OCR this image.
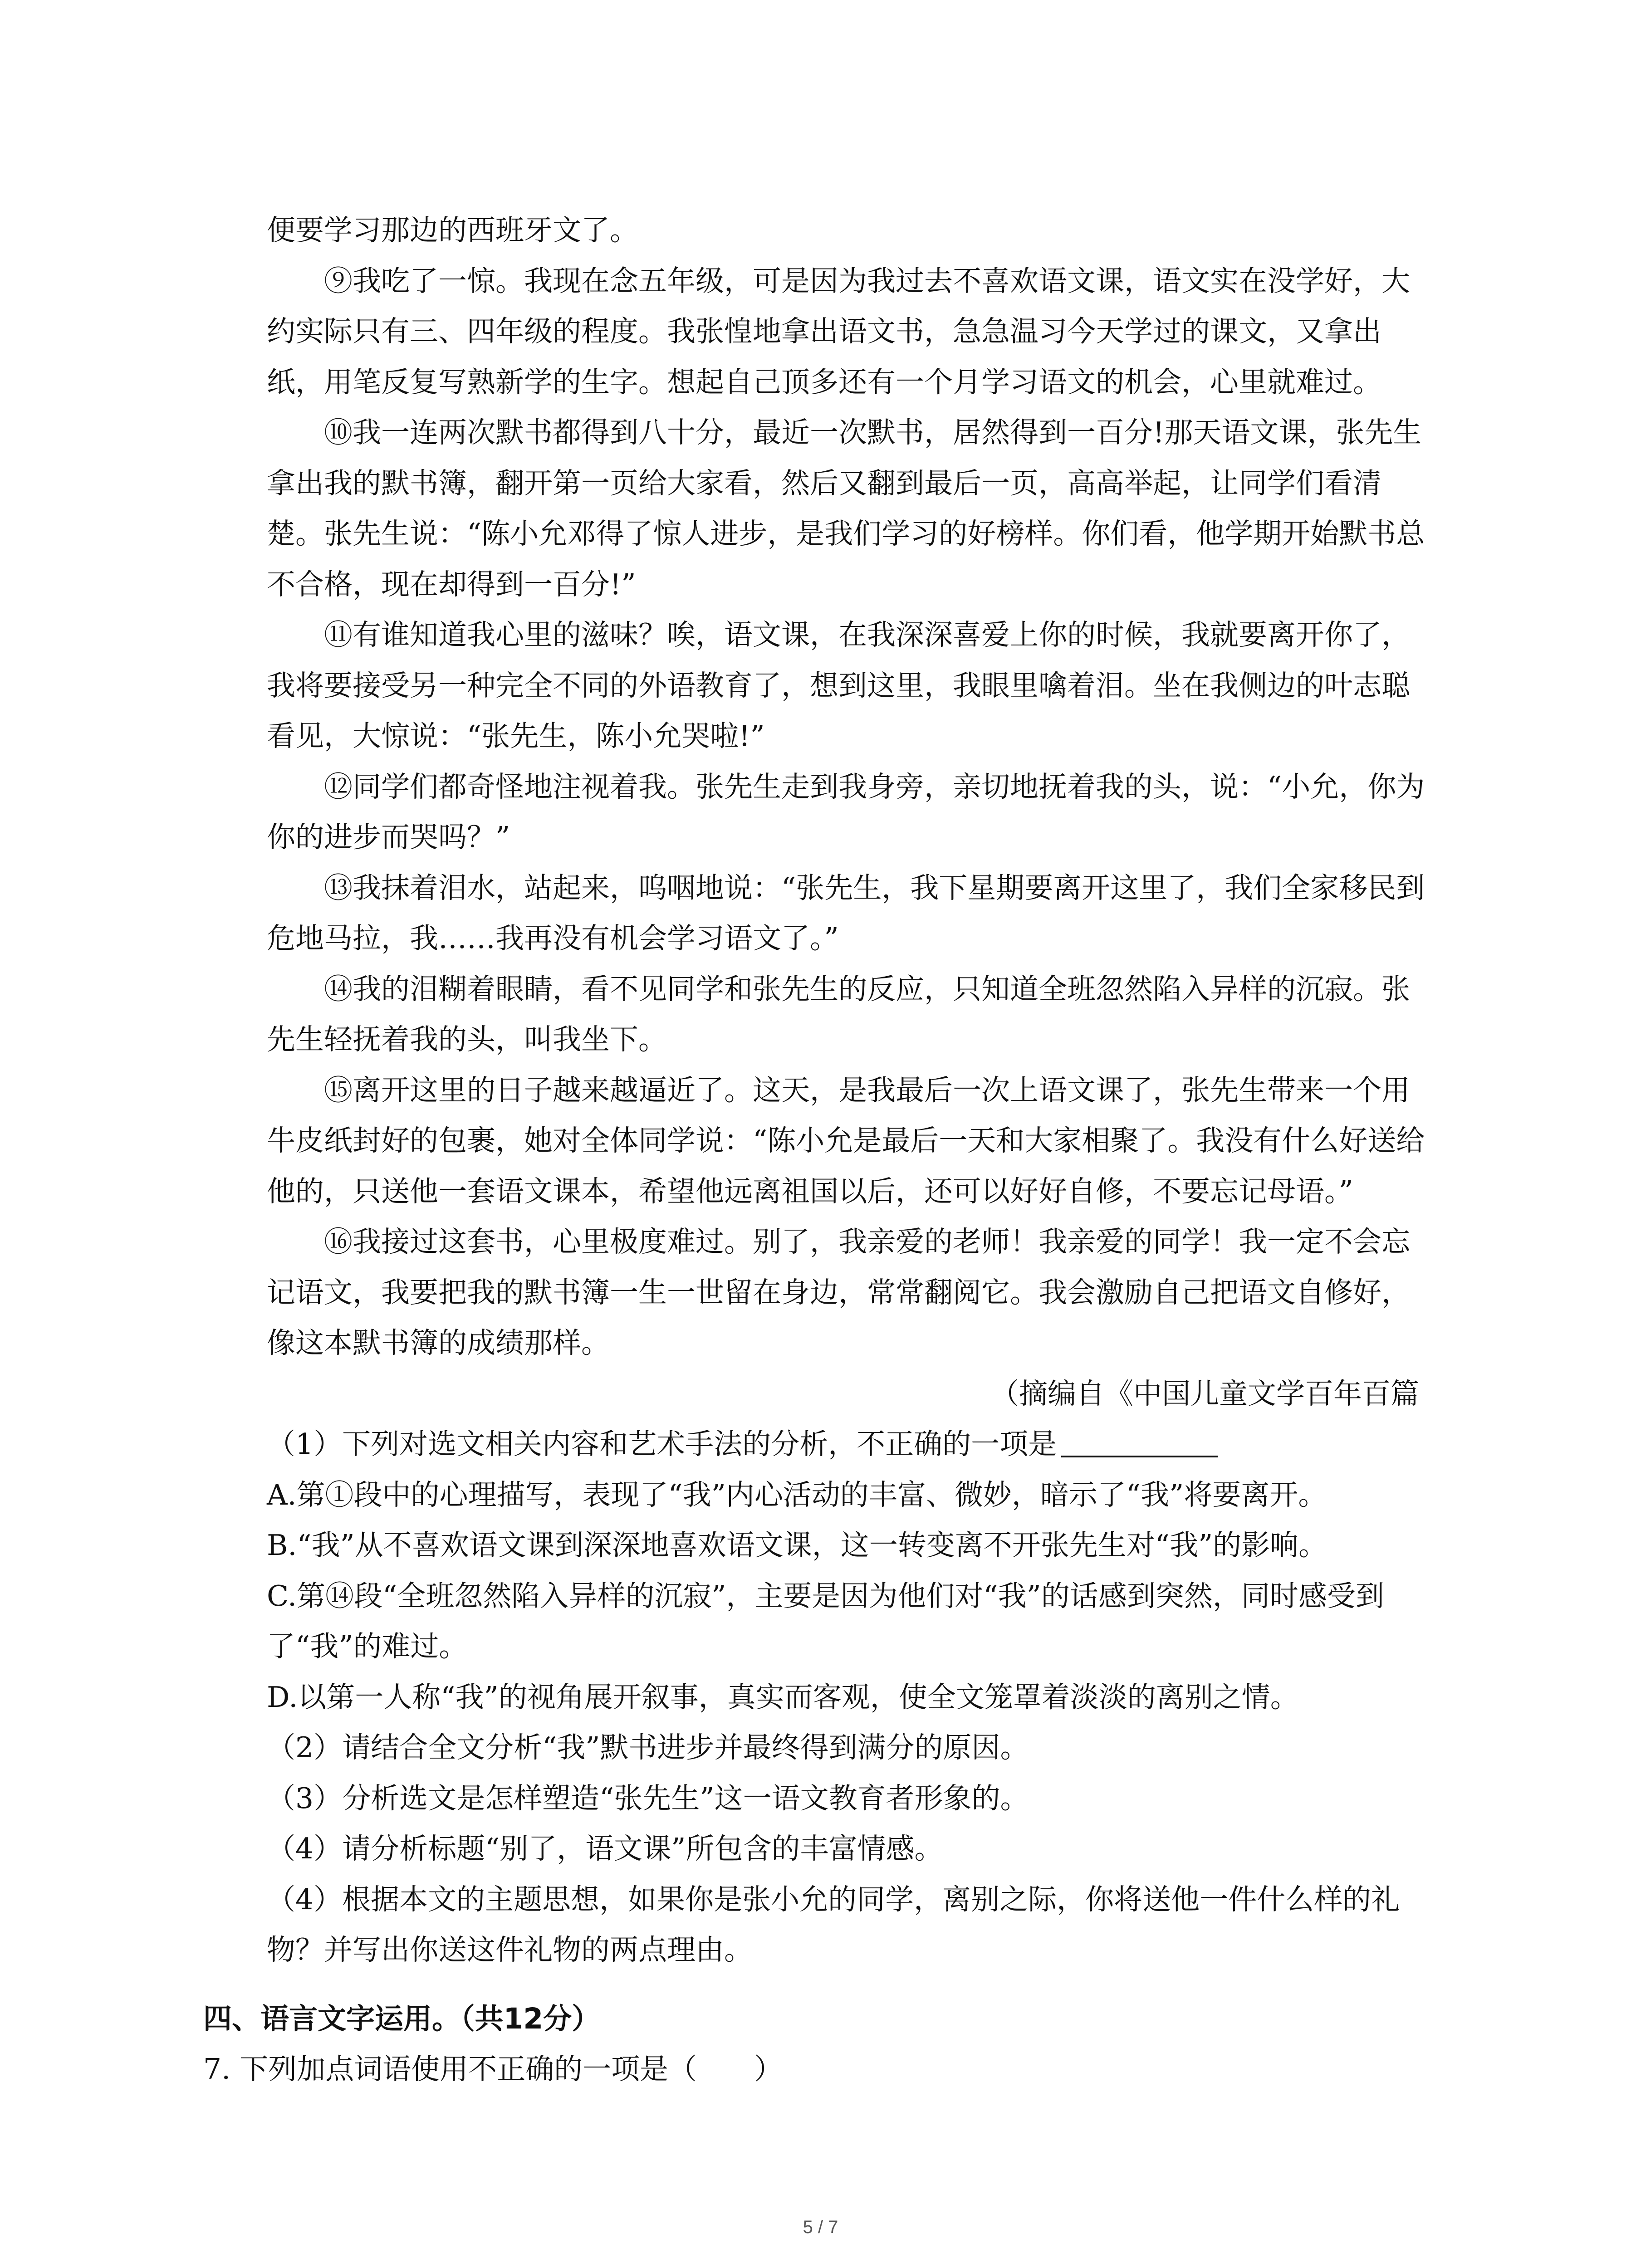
便要学习那边的西班牙文了。

⑨我吃了一惊。我现在念五年级，可是因为我过去不喜欢语文课，语文实在没学好，大约实际只有三、四年级的程度。我张惶地拿出语文书，急急温习今天学过的课文，又拿出纸，用笔反复写熟新学的生字。想起自己顶多还有一个月学习语文的机会，心里就难过。

⑩我一连两次默书都得到八十分，最近一次默书，居然得到一百分!那天语文课，张先生拿出我的默书簿，翻开第一页给大家看，然后又翻到最后一页，高高举起，让同学们看清楚。张先生说：“陈小允邓得了惊人进步，是我们学习的好榜样。你们看，他学期开始默书总不合格，现在却得到一百分!”

⑪有谁知道我心里的滋味？唉，语文课，在我深深喜爱上你的时候，我就要离开你了，我将要接受另一种完全不同的外语教育了，想到这里，我眼里噙着泪。坐在我侧边的叶志聪看见，大惊说：“张先生，陈小允哭啦!”

⑫同学们都奇怪地注视着我。张先生走到我身旁，亲切地抚着我的头，说：“小允，你为你的进步而哭吗？”

⑬我抹着泪水，站起来，呜咽地说：“张先生，我下星期要离开这里了，我们全家移民到危地马拉，我……我再没有机会学习语文了。”

⑭我的泪糊着眼睛，看不见同学和张先生的反应，只知道全班忽然陷入异样的沉寂。张先生轻抚着我的头，叫我坐下。

⑮离开这里的日子越来越逼近了。这天，是我最后一次上语文课了，张先生带来一个用牛皮纸封好的包裹，她对全体同学说：“陈小允是最后一天和大家相聚了。我没有什么好送给他的，只送他一套语文课本，希望他远离祖国以后，还可以好好自修，不要忘记母语。”

⑯我接过这套书，心里极度难过。别了，我亲爱的老师！我亲爱的同学！我一定不会忘记语文，我要把我的默书簿一生一世留在身边，常常翻阅它。我会激励自己把语文自修好，像这本默书簿的成绩那样。

（摘编自《中国儿童文学百年百篇

（1）下列对选文相关内容和艺术手法的分析，不正确的一项是

A.第①段中的心理描写，表现了“我”内心活动的丰富、微妙，暗示了“我”将要离开。

B.“我”从不喜欢语文课到深深地喜欢语文课，这一转变离不开张先生对“我”的影响。

C.第⑭段“全班忽然陷入异样的沉寂”，主要是因为他们对“我”的话感到突然，同时感受到了“我”的难过。

D.以第一人称“我”的视角展开叙事，真实而客观，使全文笼罩着淡淡的离别之情。

（2）请结合全文分析“我”默书进步并最终得到满分的原因。

（3）分析选文是怎样塑造“张先生”这一语文教育者形象的。

（4）请分析标题“别了，语文课”所包含的丰富情感。

（4）根据本文的主题思想，如果你是张小允的同学，离别之际，你将送他一件什么样的礼物？并写出你送这件礼物的两点理由。

四、语言文字运用。（共12分）

7. 下列加点词语使用不正确的一项是（　　）

5 / 7
